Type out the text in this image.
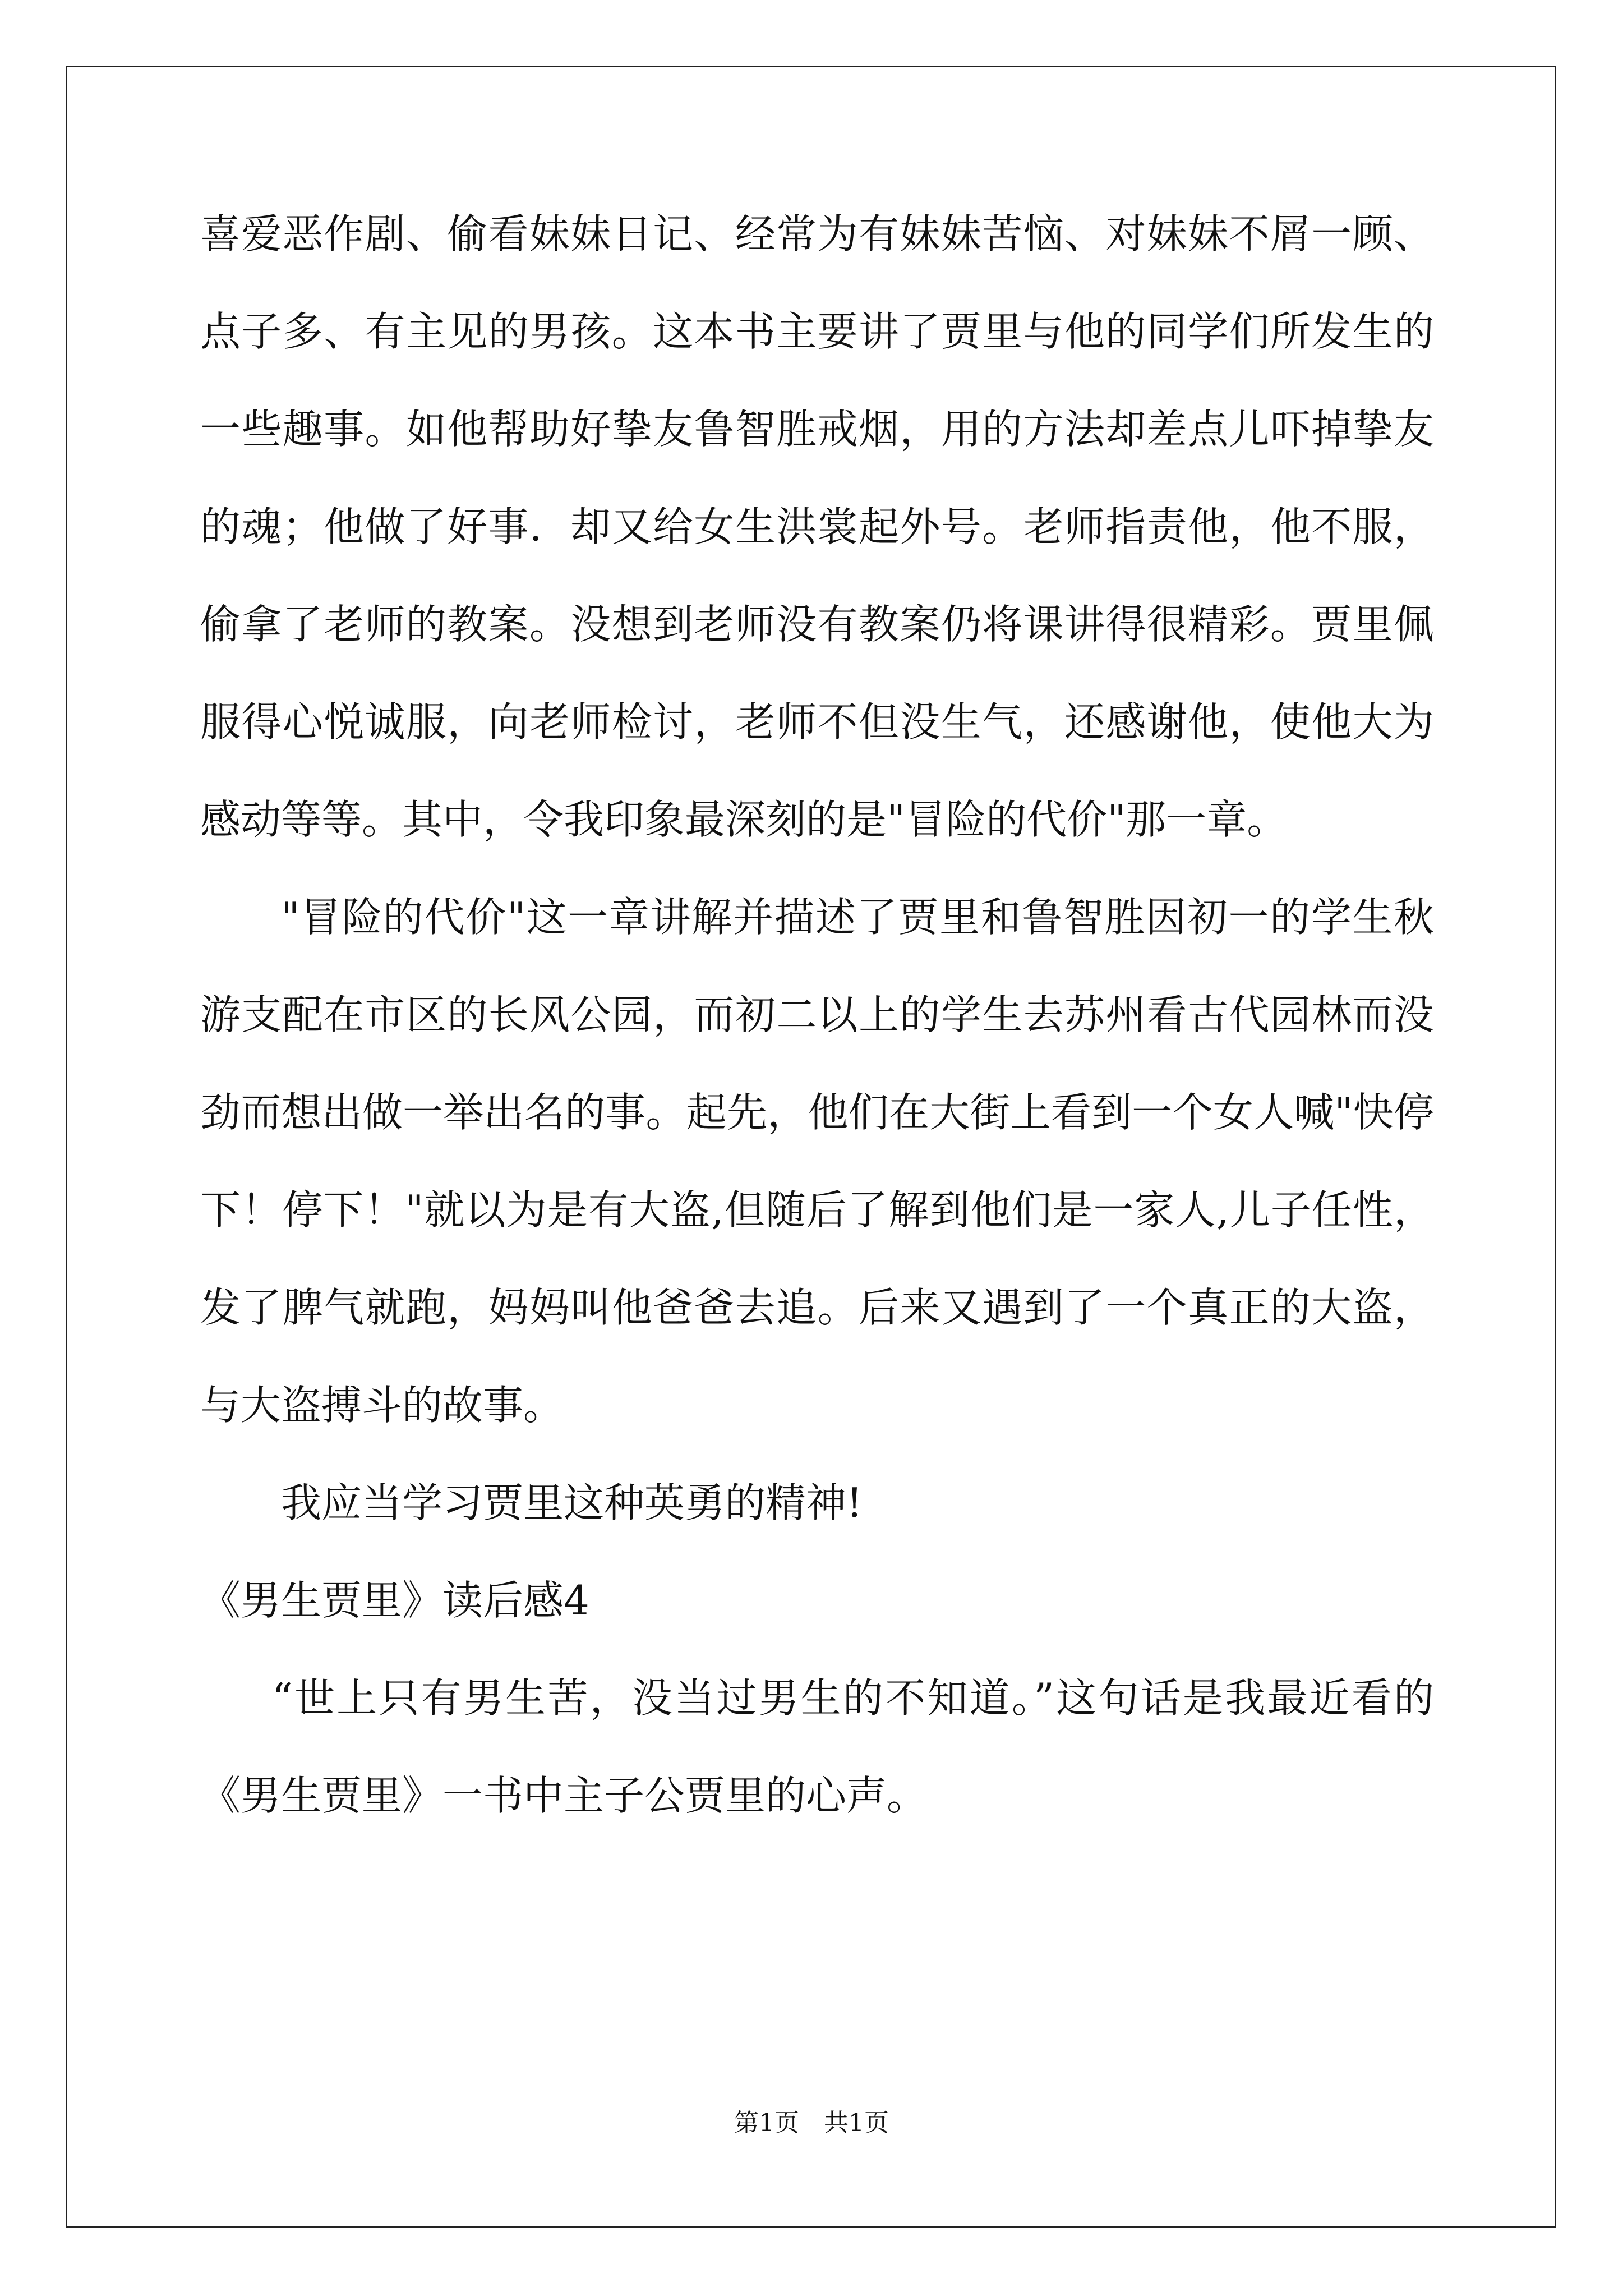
喜爱恶作剧、偷看妹妹日记、经常为有妹妹苦恼、对妹妹不屑一顾、点子多、有主见的男孩。这本书主要讲了贾里与他的同学们所发生的一些趣事。如他帮助好挚友鲁智胜戒烟，用的方法却差点儿吓掉挚友的魂；他做了好事．却又给女生洪裳起外号。老师指责他，他不服，偷拿了老师的教案。没想到老师没有教案仍将课讲得很精彩。贾里佩服得心悦诚服，向老师检讨，老师不但没生气，还感谢他，使他大为感动等等。其中，令我印象最深刻的是"冒险的代价"那一章。

"冒险的代价"这一章讲解并描述了贾里和鲁智胜因初一的学生秋游支配在市区的长风公园，而初二以上的学生去苏州看古代园林而没劲而想出做一举出名的事。起先，他们在大街上看到一个女人喊"快停下！停下！"就以为是有大盗,但随后了解到他们是一家人,儿子任性，发了脾气就跑，妈妈叫他爸爸去追。后来又遇到了一个真正的大盗，与大盗搏斗的故事。

我应当学习贾里这种英勇的精神!

《男生贾里》读后感4

“世上只有男生苦，没当过男生的不知道。”这句话是我最近看的《男生贾里》一书中主子公贾里的心声。

第1页　共1页
